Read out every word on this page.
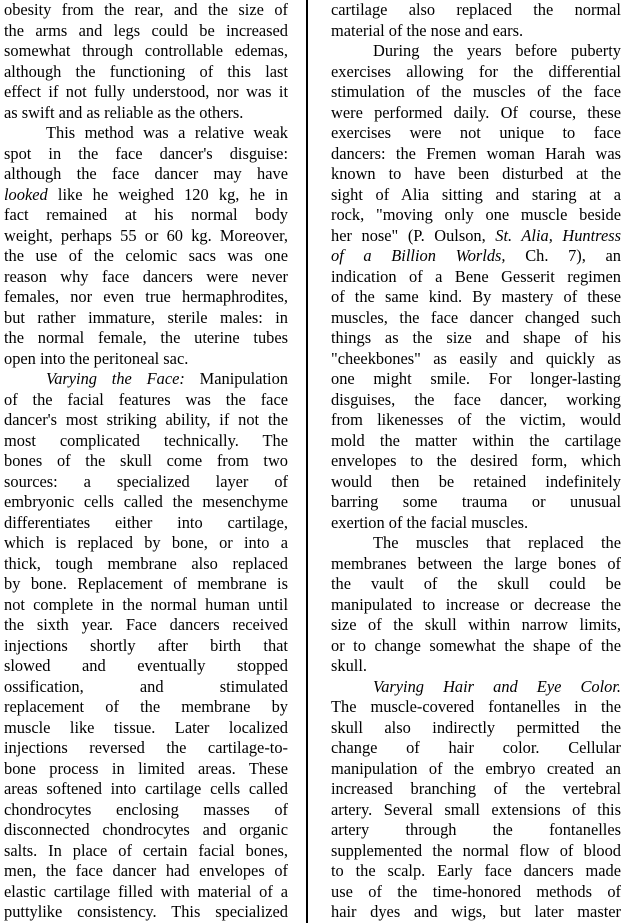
obesity from the rear, and the size of
the arms and legs could be increased
somewhat through controllable edemas,
although the functioning of this last
effect if not fully understood, nor was it
as swift and as reliable as the others.
This method was a relative weak
spot in the face dancer's disguise:
although the face dancer may have
looked like he weighed 120 kg, he in
fact remained at his normal body
weight, perhaps 55 or 60 kg. Moreover,
the use of the celomic sacs was one
reason why face dancers were never
females, nor even true hermaphrodites,
but rather immature, sterile males: in
the normal female, the uterine tubes
open into the peritoneal sac.
Varying the Face: Manipulation
of the facial features was the face
dancer's most striking ability, if not the
most complicated technically. The
bones of the skull come from two
sources: a specialized layer of
embryonic cells called the mesenchyme
differentiates either into cartilage,
which is replaced by bone, or into a
thick, tough membrane also replaced
by bone. Replacement of membrane is
not complete in the normal human until
the sixth year. Face dancers received
injections shortly after birth that
slowed and eventually stopped
ossification, and stimulated
replacement of the membrane by
muscle like tissue. Later localized
injections reversed the cartilage-to-
bone process in limited areas. These
areas softened into cartilage cells called
chondrocytes enclosing masses of
disconnected chondrocytes and organic
salts. In place of certain facial bones,
men, the face dancer had envelopes of
elastic cartilage filled with material of a
puttylike consistency. This specialized
cartilage also replaced the normal
material of the nose and ears.
During the years before puberty
exercises allowing for the differential
stimulation of the muscles of the face
were performed daily. Of course, these
exercises were not unique to face
dancers: the Fremen woman Harah was
known to have been disturbed at the
sight of Alia sitting and staring at a
rock, "moving only one muscle beside
her nose" (P. Oulson, St. Alia, Huntress
of a Billion Worlds, Ch. 7), an
indication of a Bene Gesserit regimen
of the same kind. By mastery of these
muscles, the face dancer changed such
things as the size and shape of his
"cheekbones" as easily and quickly as
one might smile. For longer-lasting
disguises, the face dancer, working
from likenesses of the victim, would
mold the matter within the cartilage
envelopes to the desired form, which
would then be retained indefinitely
barring some trauma or unusual
exertion of the facial muscles.
The muscles that replaced the
membranes between the large bones of
the vault of the skull could be
manipulated to increase or decrease the
size of the skull within narrow limits,
or to change somewhat the shape of the
skull.
Varying Hair and Eye Color.
The muscle-covered fontanelles in the
skull also indirectly permitted the
change of hair color. Cellular
manipulation of the embryo created an
increased branching of the vertebral
artery. Several small extensions of this
artery through the fontanelles
supplemented the normal flow of blood
to the scalp. Early face dancers made
use of the time-honored methods of
hair dyes and wigs, but later master
